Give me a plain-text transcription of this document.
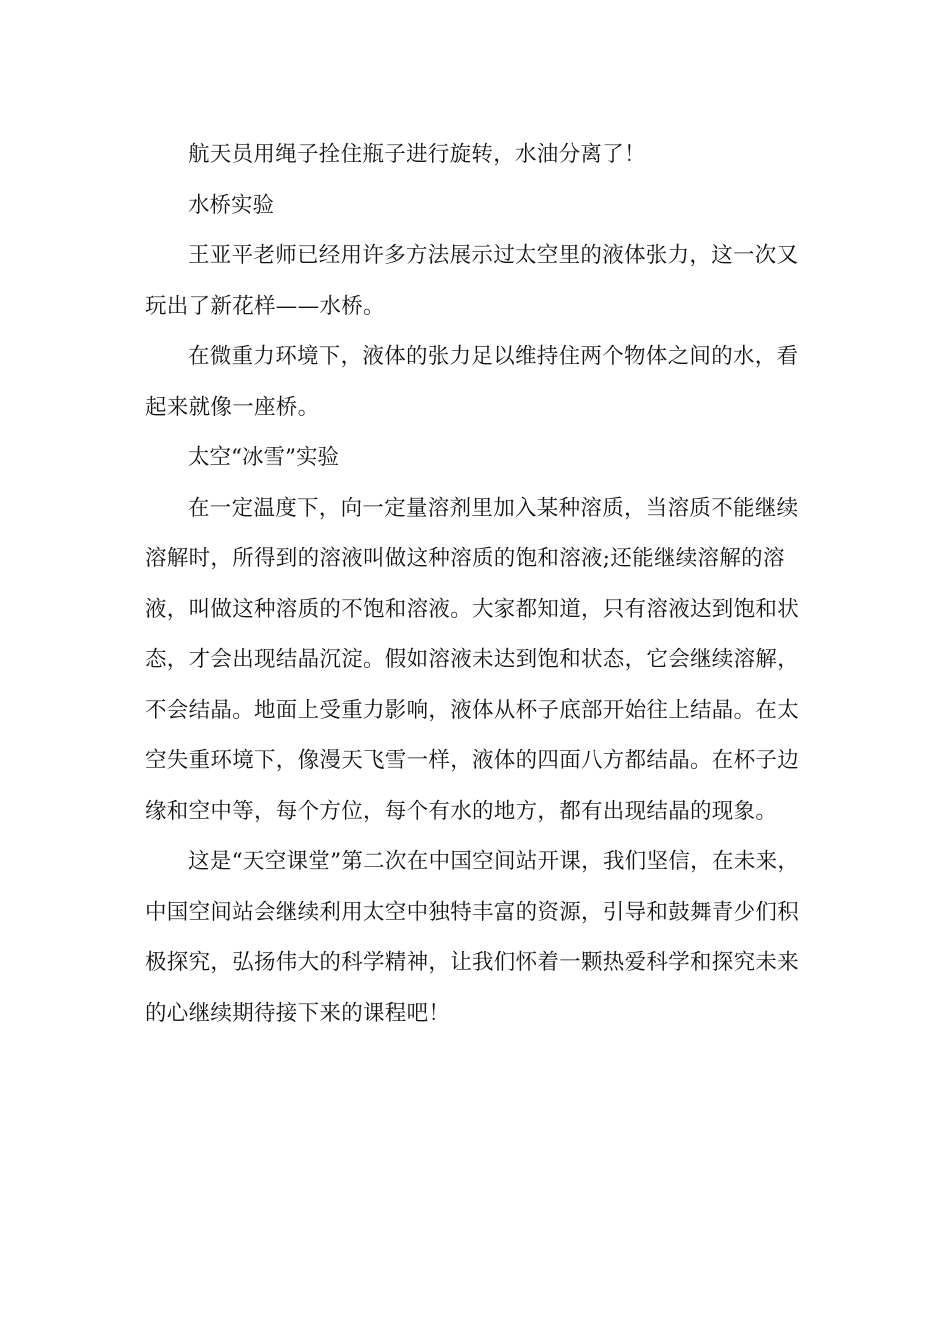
航天员用绳子拴住瓶子进行旋转，水油分离了！

水桥实验

王亚平老师已经用许多方法展示过太空里的液体张力，这一次又玩出了新花样——水桥。

在微重力环境下，液体的张力足以维持住两个物体之间的水，看起来就像一座桥。

太空“冰雪”实验

在一定温度下，向一定量溶剂里加入某种溶质，当溶质不能继续溶解时，所得到的溶液叫做这种溶质的饱和溶液;还能继续溶解的溶液，叫做这种溶质的不饱和溶液。大家都知道，只有溶液达到饱和状态，才会出现结晶沉淀。假如溶液未达到饱和状态，它会继续溶解，不会结晶。地面上受重力影响，液体从杯子底部开始往上结晶。在太空失重环境下，像漫天飞雪一样，液体的四面八方都结晶。在杯子边缘和空中等，每个方位，每个有水的地方，都有出现结晶的现象。

这是“天空课堂”第二次在中国空间站开课，我们坚信，在未来，中国空间站会继续利用太空中独特丰富的资源，引导和鼓舞青少们积极探究，弘扬伟大的科学精神，让我们怀着一颗热爱科学和探究未来的心继续期待接下来的课程吧！
